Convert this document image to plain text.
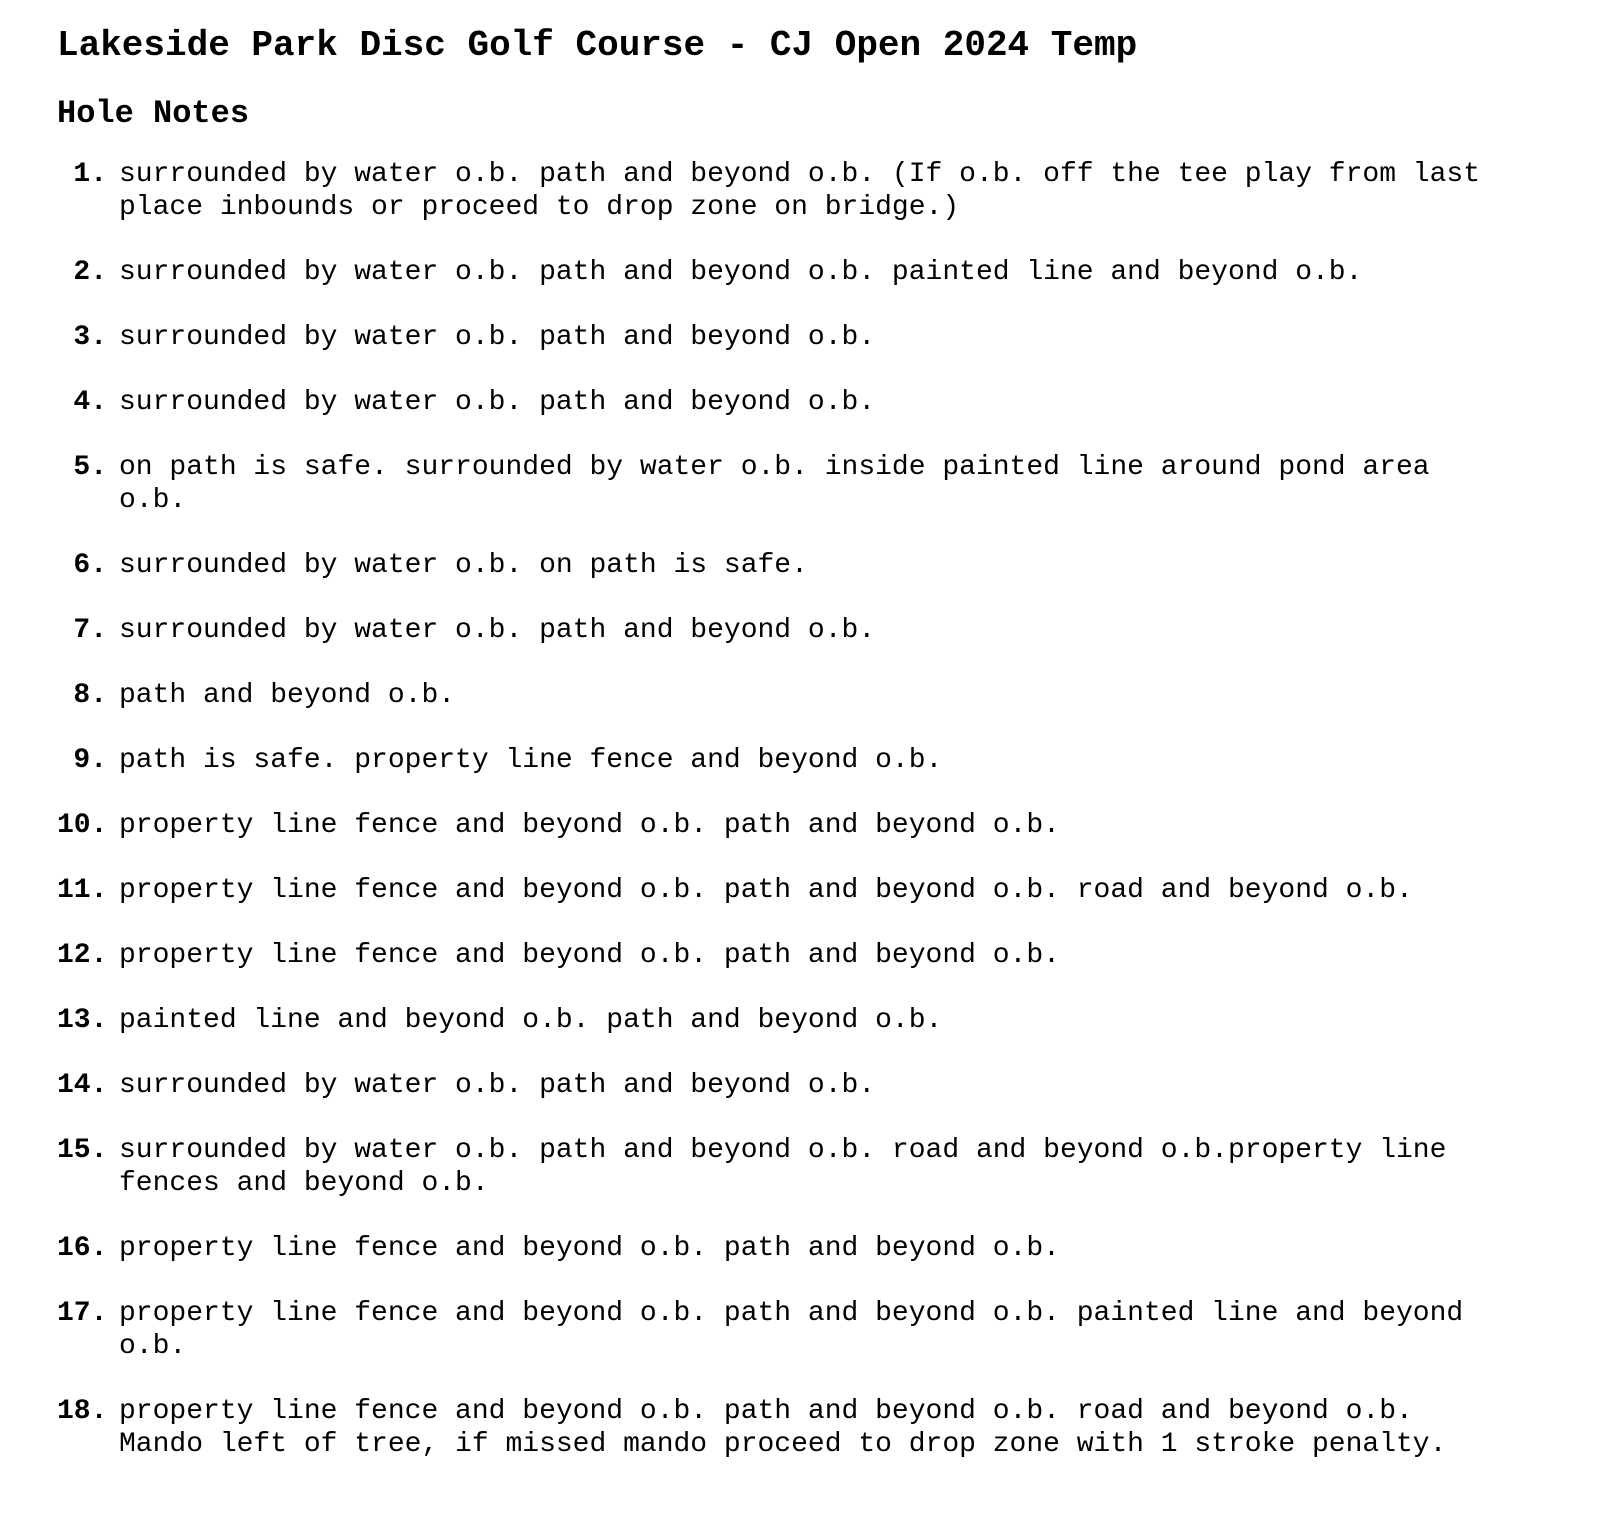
Lakeside Park Disc Golf Course - CJ Open 2024 Temp
Hole Notes
1. surrounded by water o.b. path and beyond o.b. (If o.b. off the tee play from last place inbounds or proceed to drop zone on bridge.)
2. surrounded by water o.b. path and beyond o.b. painted line and beyond o.b.
3. surrounded by water o.b. path and beyond o.b.
4. surrounded by water o.b. path and beyond o.b.
5. on path is safe. surrounded by water o.b. inside painted line around pond area o.b.
6. surrounded by water o.b. on path is safe.
7. surrounded by water o.b. path and beyond o.b.
8. path and beyond o.b.
9. path is safe. property line fence and beyond o.b.
10. property line fence and beyond o.b. path and beyond o.b.
11. property line fence and beyond o.b. path and beyond o.b. road and beyond o.b.
12. property line fence and beyond o.b. path and beyond o.b.
13. painted line and beyond o.b. path and beyond o.b.
14. surrounded by water o.b. path and beyond o.b.
15. surrounded by water o.b. path and beyond o.b. road and beyond o.b.property line fences and beyond o.b.
16. property line fence and beyond o.b. path and beyond o.b.
17. property line fence and beyond o.b. path and beyond o.b. painted line and beyond o.b.
18. property line fence and beyond o.b. path and beyond o.b. road and beyond o.b. Mando left of tree, if missed mando proceed to drop zone with 1 stroke penalty.
